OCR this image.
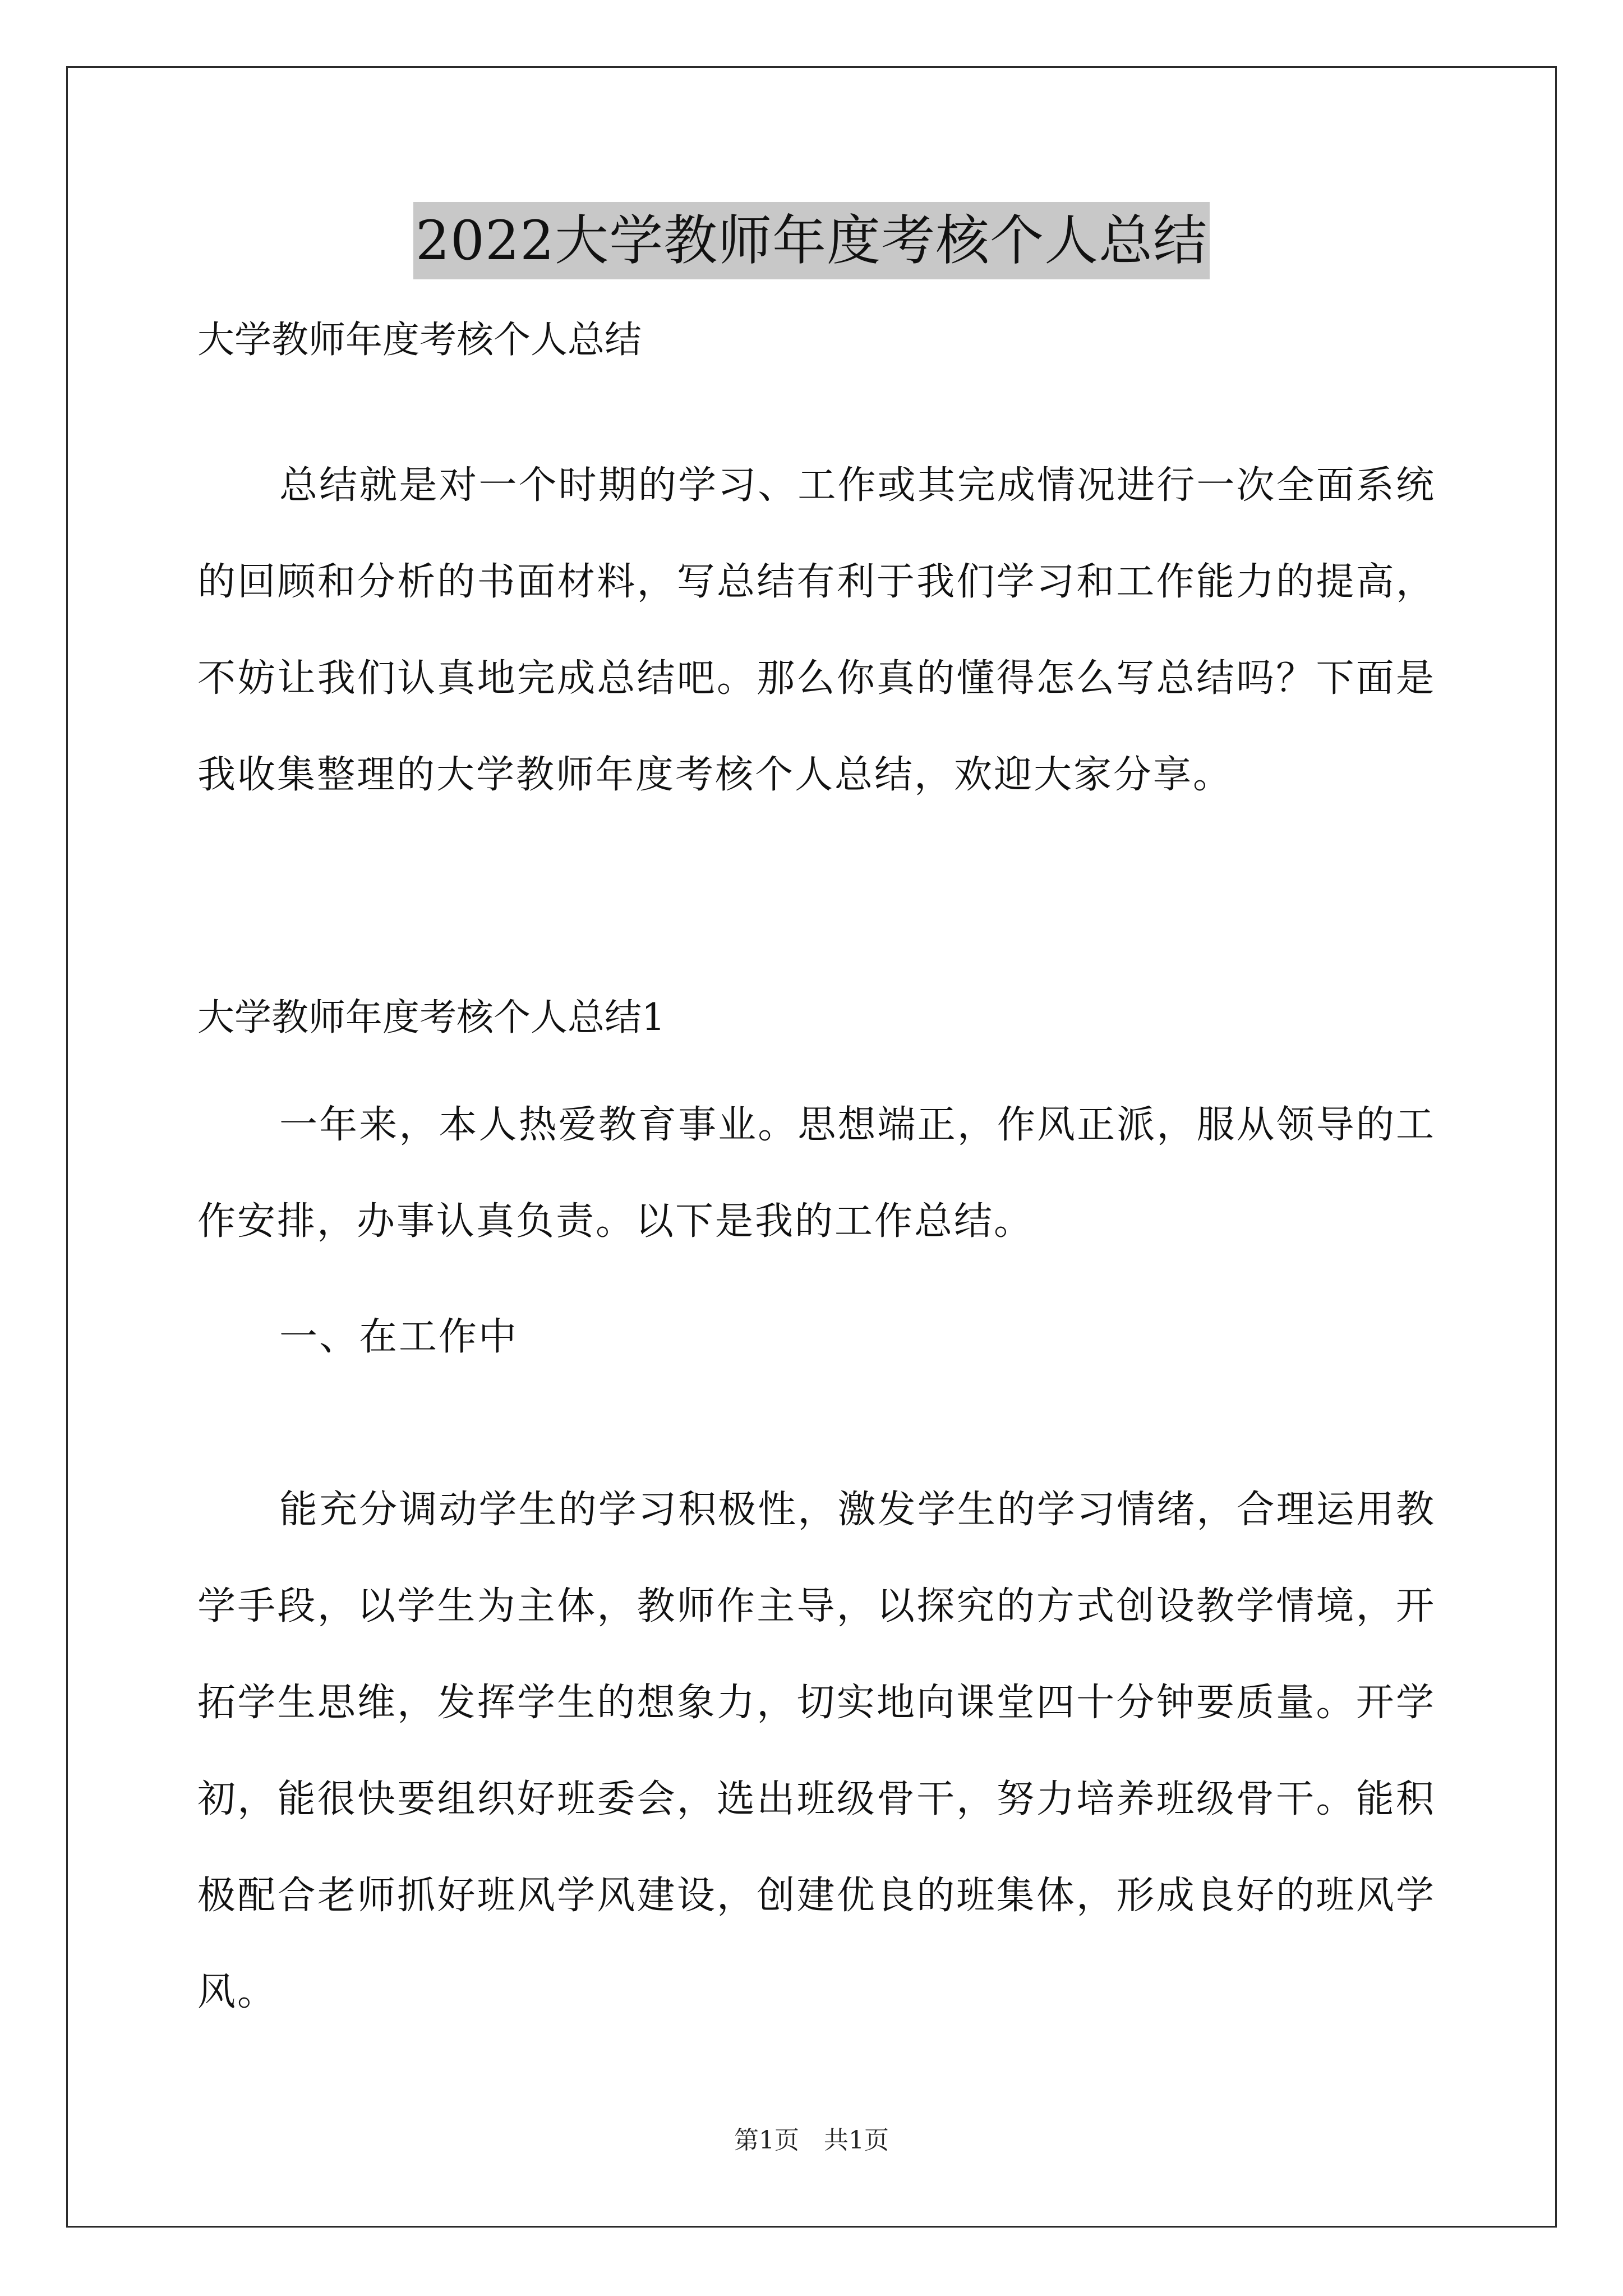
2022大学教师年度考核个人总结
大学教师年度考核个人总结
总结就是对一个时期的学习、工作或其完成情况进行一次全面系统的回顾和分析的书面材料，写总结有利于我们学习和工作能力的提高，不妨让我们认真地完成总结吧。那么你真的懂得怎么写总结吗？下面是我收集整理的大学教师年度考核个人总结，欢迎大家分享。
大学教师年度考核个人总结1
一年来，本人热爱教育事业。思想端正，作风正派，服从领导的工作安排，办事认真负责。以下是我的工作总结。
一、在工作中
能充分调动学生的学习积极性，激发学生的学习情绪，合理运用教学手段，以学生为主体，教师作主导，以探究的方式创设教学情境，开拓学生思维，发挥学生的想象力，切实地向课堂四十分钟要质量。开学初，能很快要组织好班委会，选出班级骨干，努力培养班级骨干。能积极配合老师抓好班风学风建设，创建优良的班集体，形成良好的班风学风。
第1页　共1页
